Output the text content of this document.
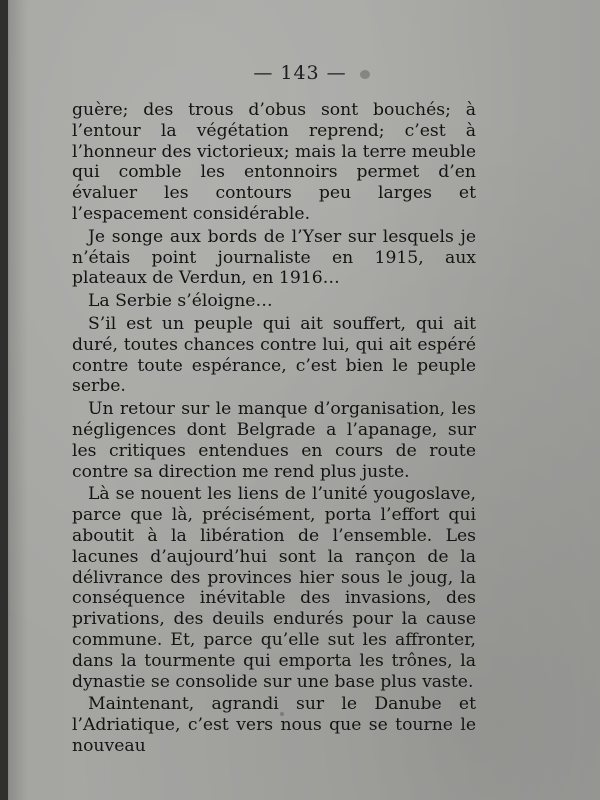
— 143 —

guère; des trous d’obus sont bouchés; à l’entour la végétation reprend; c’est à l’honneur des victorieux; mais la terre meuble qui comble les entonnoirs permet d’en évaluer les contours peu larges et l’espacement considérable.

Je songe aux bords de l’Yser sur lesquels je n’étais point journaliste en 1915, aux plateaux de Verdun, en 1916…

La Serbie s’éloigne…

S’il est un peuple qui ait souffert, qui ait duré, toutes chances contre lui, qui ait espéré contre toute espérance, c’est bien le peuple serbe.

Un retour sur le manque d’organisation, les négligences dont Belgrade a l’apanage, sur les critiques entendues en cours de route contre sa direction me rend plus juste.

Là se nouent les liens de l’unité yougoslave, parce que là, précisément, porta l’effort qui aboutit à la libération de l’ensemble. Les lacunes d’aujourd’hui sont la rançon de la délivrance des provinces hier sous le joug, la conséquence inévitable des invasions, des privations, des deuils endurés pour la cause commune. Et, parce qu’elle sut les affronter, dans la tourmente qui emporta les trônes, la dynastie se consolide sur une base plus vaste.

Maintenant, agrandi sur le Danube et l’Adriatique, c’est vers nous que se tourne le nouveau
